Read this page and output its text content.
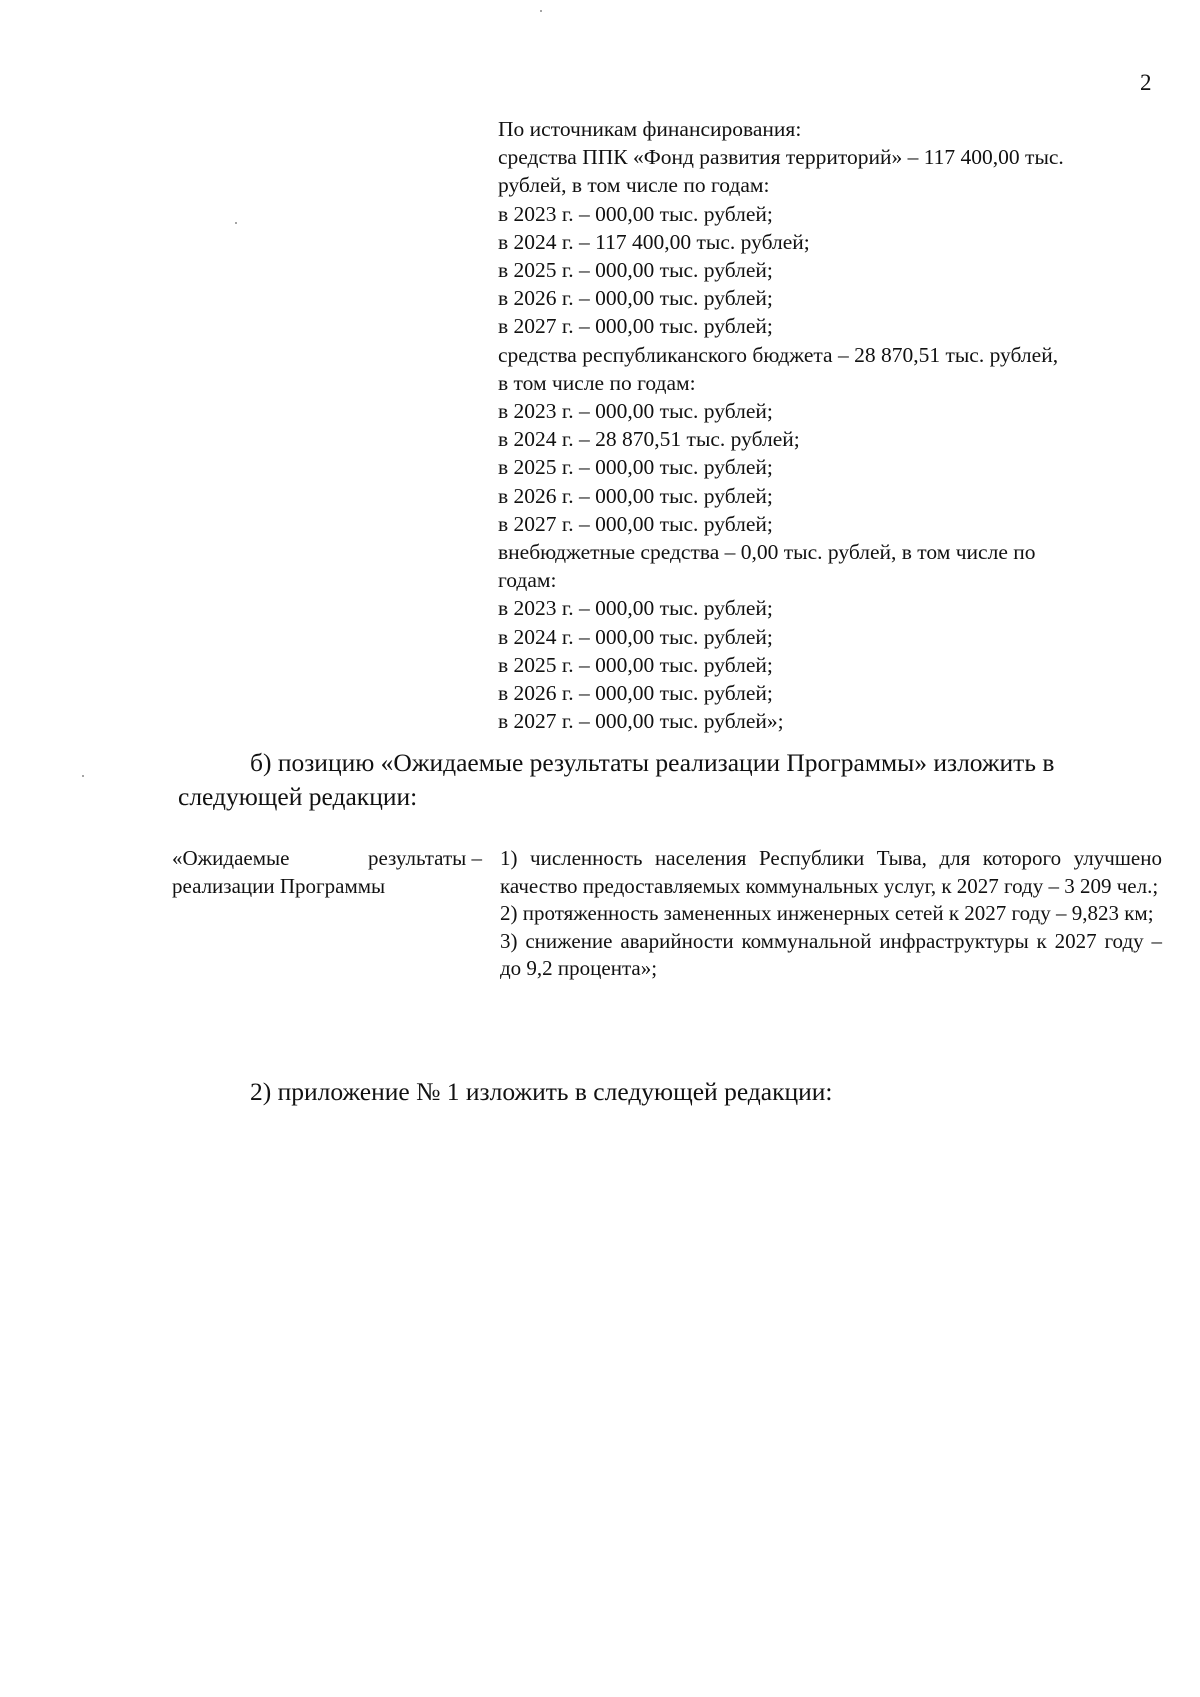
2
По источникам финансирования:
средства ППК «Фонд развития территорий» – 117 400,00 тыс.
рублей, в том числе по годам:
в 2023 г. – 000,00 тыс. рублей;
в 2024 г. – 117 400,00 тыс. рублей;
в 2025 г. – 000,00 тыс. рублей;
в 2026 г. – 000,00 тыс. рублей;
в 2027 г. – 000,00 тыс. рублей;
средства республиканского бюджета – 28 870,51 тыс. рублей,
в том числе по годам:
в 2023 г. – 000,00 тыс. рублей;
в 2024 г. – 28 870,51 тыс. рублей;
в 2025 г. – 000,00 тыс. рублей;
в 2026 г. – 000,00 тыс. рублей;
в 2027 г. – 000,00 тыс. рублей;
внебюджетные средства – 0,00 тыс. рублей, в том числе по
годам:
в 2023 г. – 000,00 тыс. рублей;
в 2024 г. – 000,00 тыс. рублей;
в 2025 г. – 000,00 тыс. рублей;
в 2026 г. – 000,00 тыс. рублей;
в 2027 г. – 000,00 тыс. рублей»;
б) позицию «Ожидаемые результаты реализации Программы» изложить в
следующей редакции:
«Ожидаемые	результаты –
реализации Программы
1) численность населения Республики Тыва, для которого улучшено качество предоставляемых коммунальных услуг, к 2027 году – 3 209 чел.;
2) протяженность замененных инженерных сетей к 2027 году – 9,823 км;
3) снижение аварийности коммунальной инфраструктуры к 2027 году – до 9,2 процента»;
2) приложение № 1 изложить в следующей редакции:
